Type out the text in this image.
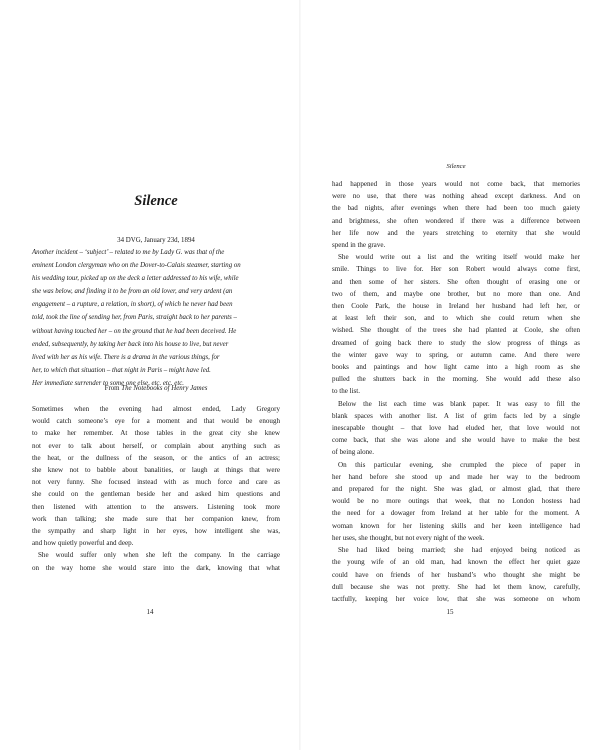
Silence

34 DVG, January 23d, 1894

Another incident – ‘subject’ – related to me by Lady G. was that of the
eminent London clergyman who on the Dover-to-Calais steamer, starting on
his wedding tour, picked up on the deck a letter addressed to his wife, while
she was below, and finding it to be from an old lover, and very ardent (an
engagement – a rupture, a relation, in short), of which he never had been
told, took the line of sending her, from Paris, straight back to her parents –
without having touched her – on the ground that he had been deceived. He
ended, subsequently, by taking her back into his house to live, but never
lived with her as his wife. There is a drama in the various things, for
her, to which that situation – that night in Paris – might have led.
Her immediate surrender to some one else, etc. etc. etc.

From The Notebooks of Henry James

Sometimes when the evening had almost ended, Lady Gregory
would catch someone’s eye for a moment and that would be enough
to make her remember. At those tables in the great city she knew
not ever to talk about herself, or complain about anything such as
the heat, or the dullness of the season, or the antics of an actress;
she knew not to babble about banalities, or laugh at things that were
not very funny. She focused instead with as much force and care as
she could on the gentleman beside her and asked him questions and
then listened with attention to the answers. Listening took more
work than talking; she made sure that her companion knew, from
the sympathy and sharp light in her eyes, how intelligent she was,
and how quietly powerful and deep.
She would suffer only when she left the company. In the carriage
on the way home she would stare into the dark, knowing that what

14

Silence

had happened in those years would not come back, that memories
were no use, that there was nothing ahead except darkness. And on
the bad nights, after evenings when there had been too much gaiety
and brightness, she often wondered if there was a difference between
her life now and the years stretching to eternity that she would
spend in the grave.
She would write out a list and the writing itself would make her
smile. Things to live for. Her son Robert would always come first,
and then some of her sisters. She often thought of erasing one or
two of them, and maybe one brother, but no more than one. And
then Coole Park, the house in Ireland her husband had left her, or
at least left their son, and to which she could return when she
wished. She thought of the trees she had planted at Coole, she often
dreamed of going back there to study the slow progress of things as
the winter gave way to spring, or autumn came. And there were
books and paintings and how light came into a high room as she
pulled the shutters back in the morning. She would add these also
to the list.
Below the list each time was blank paper. It was easy to fill the
blank spaces with another list. A list of grim facts led by a single
inescapable thought – that love had eluded her, that love would not
come back, that she was alone and she would have to make the best
of being alone.
On this particular evening, she crumpled the piece of paper in
her hand before she stood up and made her way to the bedroom
and prepared for the night. She was glad, or almost glad, that there
would be no more outings that week, that no London hostess had
the need for a dowager from Ireland at her table for the moment. A
woman known for her listening skills and her keen intelligence had
her uses, she thought, but not every night of the week.
She had liked being married; she had enjoyed being noticed as
the young wife of an old man, had known the effect her quiet gaze
could have on friends of her husband’s who thought she might be
dull because she was not pretty. She had let them know, carefully,
tactfully, keeping her voice low, that she was someone on whom

15
